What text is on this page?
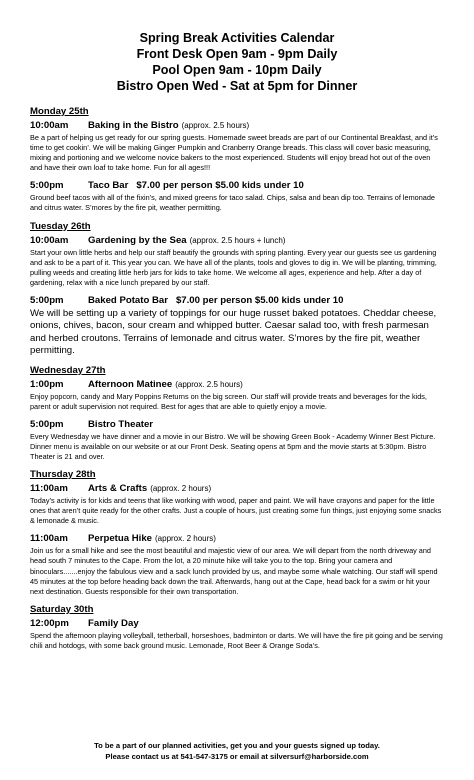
Spring Break Activities Calendar
Front Desk Open 9am - 9pm Daily
Pool Open 9am - 10pm Daily
Bistro Open Wed - Sat at 5pm for Dinner
Monday 25th
10:00am Baking in the Bistro (approx. 2.5 hours)
Be a part of helping us get ready for our spring guests. Homemade sweet breads are part of our Continental Breakfast, and it’s time to get cookin’. We will be making Ginger Pumpkin and Cranberry Orange breads. This class will cover basic measuring, mixing and portioning and we welcome novice bakers to the most experienced. Students will enjoy bread hot out of the oven and have their own loaf to take home. Fun for all ages!!!
5:00pm	Taco Bar $7.00 per person $5.00 kids under 10
Ground beef tacos with all of the fixin’s, and mixed greens for taco salad. Chips, salsa and bean dip too. Terrains of lemonade and citrus water. S’mores by the fire pit, weather permitting.
Tuesday 26th
10:00am Gardening by the Sea (approx. 2.5 hours + lunch)
Start your own little herbs and help our staff beautify the grounds with spring planting. Every year our guests see us gardening and ask to be a part of it. This year you can. We have all of the plants, tools and gloves to dig in. We will be planting, trimming, pulling weeds and creating little herb jars for kids to take home. We welcome all ages, experience and help. After a day of gardening, relax with a nice lunch prepared by our staff.
5:00pm	Baked Potato Bar $7.00 per person $5.00 kids under 10
We will be setting up a variety of toppings for our huge russet baked potatoes. Cheddar cheese, onions, chives, bacon, sour cream and whipped butter. Caesar salad too, with fresh parmesan and herbed croutons. Terrains of lemonade and citrus water. S’mores by the fire pit, weather permitting.
Wednesday 27th
1:00pm	Afternoon Matinee (approx. 2.5 hours)
Enjoy popcorn, candy and Mary Poppins Returns on the big screen. Our staff will provide treats and beverages for the kids, parent or adult supervision not required. Best for ages that are able to quietly enjoy a movie.
5:00pm	Bistro Theater
Every Wednesday we have dinner and a movie in our Bistro. We will be showing Green Book - Academy Winner Best Picture. Dinner menu is available on our website or at our Front Desk. Seating opens at 5pm and the movie starts at 5:30pm. Bistro Theater is 21 and over.
Thursday 28th
11:00am Arts & Crafts (approx. 2 hours)
Today’s activity is for kids and teens that like working with wood, paper and paint. We will have crayons and paper for the little ones that aren’t quite ready for the other crafts. Just a couple of hours, just creating some fun things, just enjoying some snacks & lemonade & music.
11:00am Perpetua Hike (approx. 2 hours)
Join us for a small hike and see the most beautiful and majestic view of our area. We will depart from the north driveway and head south 7 minutes to the Cape. From the lot, a 20 minute hike will take you to the top. Bring your camera and binoculars.......enjoy the fabulous view and a sack lunch provided by us, and maybe some whale watching. Our staff will spend 45 minutes at the top before heading back down the trail. Afterwards, hang out at the Cape, head back for a swim or hit your next destination. Guests responsible for their own transportation.
Saturday 30th
12:00pm Family Day
Spend the afternoon playing volleyball, tetherball, horseshoes, badminton or darts. We will have the fire pit going and be serving chili and hotdogs, with some back ground music. Lemonade, Root Beer & Orange Soda’s.
To be a part of our planned activities, get you and your guests signed up today.
Please contact us at 541-547-3175 or email at silversurf@harborside.com
